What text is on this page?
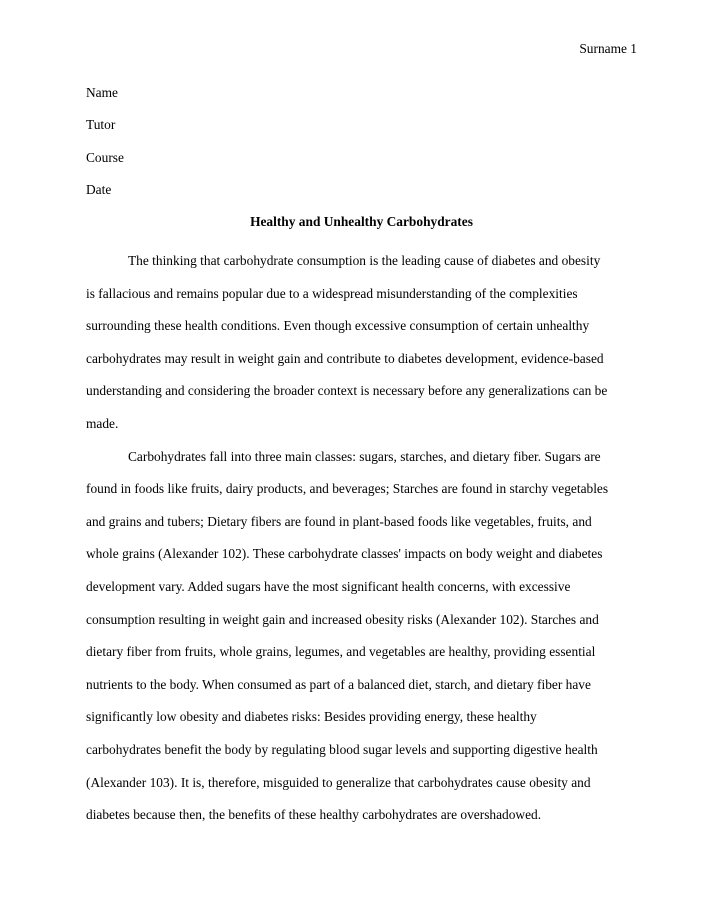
Surname 1
Name
Tutor
Course
Date
Healthy and Unhealthy Carbohydrates

The thinking that carbohydrate consumption is the leading cause of diabetes and obesity
is fallacious and remains popular due to a widespread misunderstanding of the complexities
surrounding these health conditions. Even though excessive consumption of certain unhealthy
carbohydrates may result in weight gain and contribute to diabetes development, evidence-based
understanding and considering the broader context is necessary before any generalizations can be
made.

Carbohydrates fall into three main classes: sugars, starches, and dietary fiber. Sugars are
found in foods like fruits, dairy products, and beverages; Starches are found in starchy vegetables
and grains and tubers; Dietary fibers are found in plant-based foods like vegetables, fruits, and
whole grains (Alexander 102). These carbohydrate classes' impacts on body weight and diabetes
development vary. Added sugars have the most significant health concerns, with excessive
consumption resulting in weight gain and increased obesity risks (Alexander 102). Starches and
dietary fiber from fruits, whole grains, legumes, and vegetables are healthy, providing essential
nutrients to the body. When consumed as part of a balanced diet, starch, and dietary fiber have
significantly low obesity and diabetes risks: Besides providing energy, these healthy
carbohydrates benefit the body by regulating blood sugar levels and supporting digestive health
(Alexander 103). It is, therefore, misguided to generalize that carbohydrates cause obesity and
diabetes because then, the benefits of these healthy carbohydrates are overshadowed.
